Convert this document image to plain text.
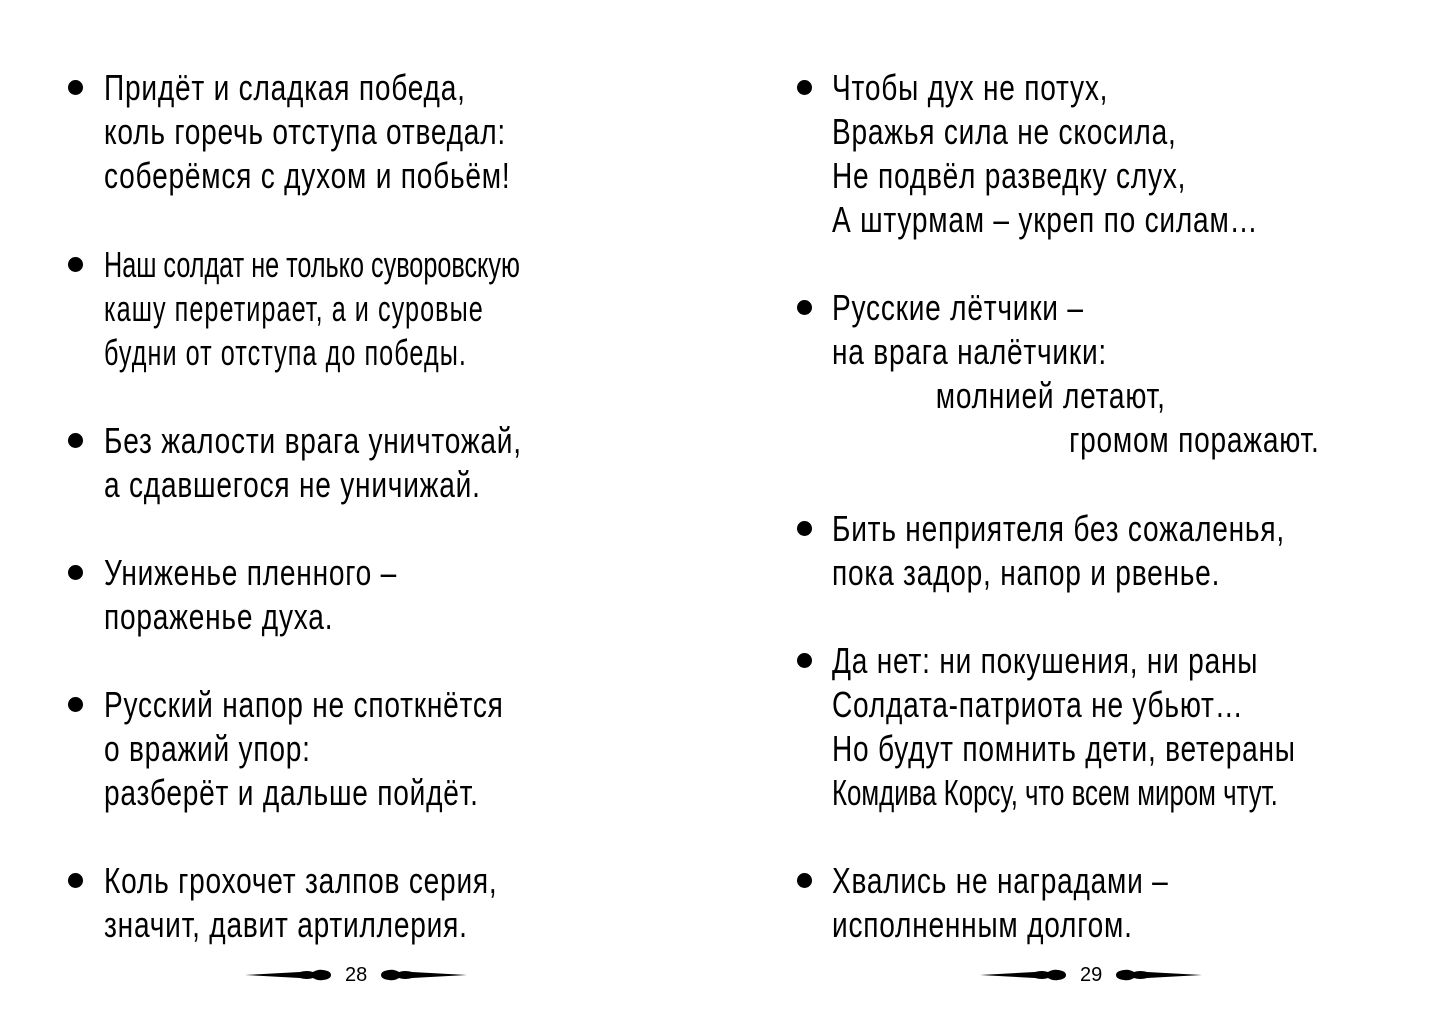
Придёт и сладкая победа,
коль горечь отступа отведал:
соберёмся с духом и побьём!
Наш солдат не только суворовскую
кашу перетирает, а и суровые
будни от отступа до победы.
Без жалости врага уничтожай,
а сдавшегося не уничижай.
Униженье пленного –
пораженье духа.
Русский напор не споткнётся
о вражий упор:
разберёт и дальше пойдёт.
Коль грохочет залпов серия,
значит, давит артиллерия.
28
Чтобы дух не потух,
Вражья сила не скосила,
Не подвёл разведку слух,
А штурмам – укреп по силам…
Русские лётчики –
на врага налётчики:
молнией летают,
громом поражают.
Бить неприятеля без сожаленья,
пока задор, напор и рвенье.
Да нет: ни покушения, ни раны
Солдата-патриота не убьют…
Но будут помнить дети, ветераны
Комдива Корсу, что всем миром чтут.
Хвались не наградами –
исполненным долгом.
29
